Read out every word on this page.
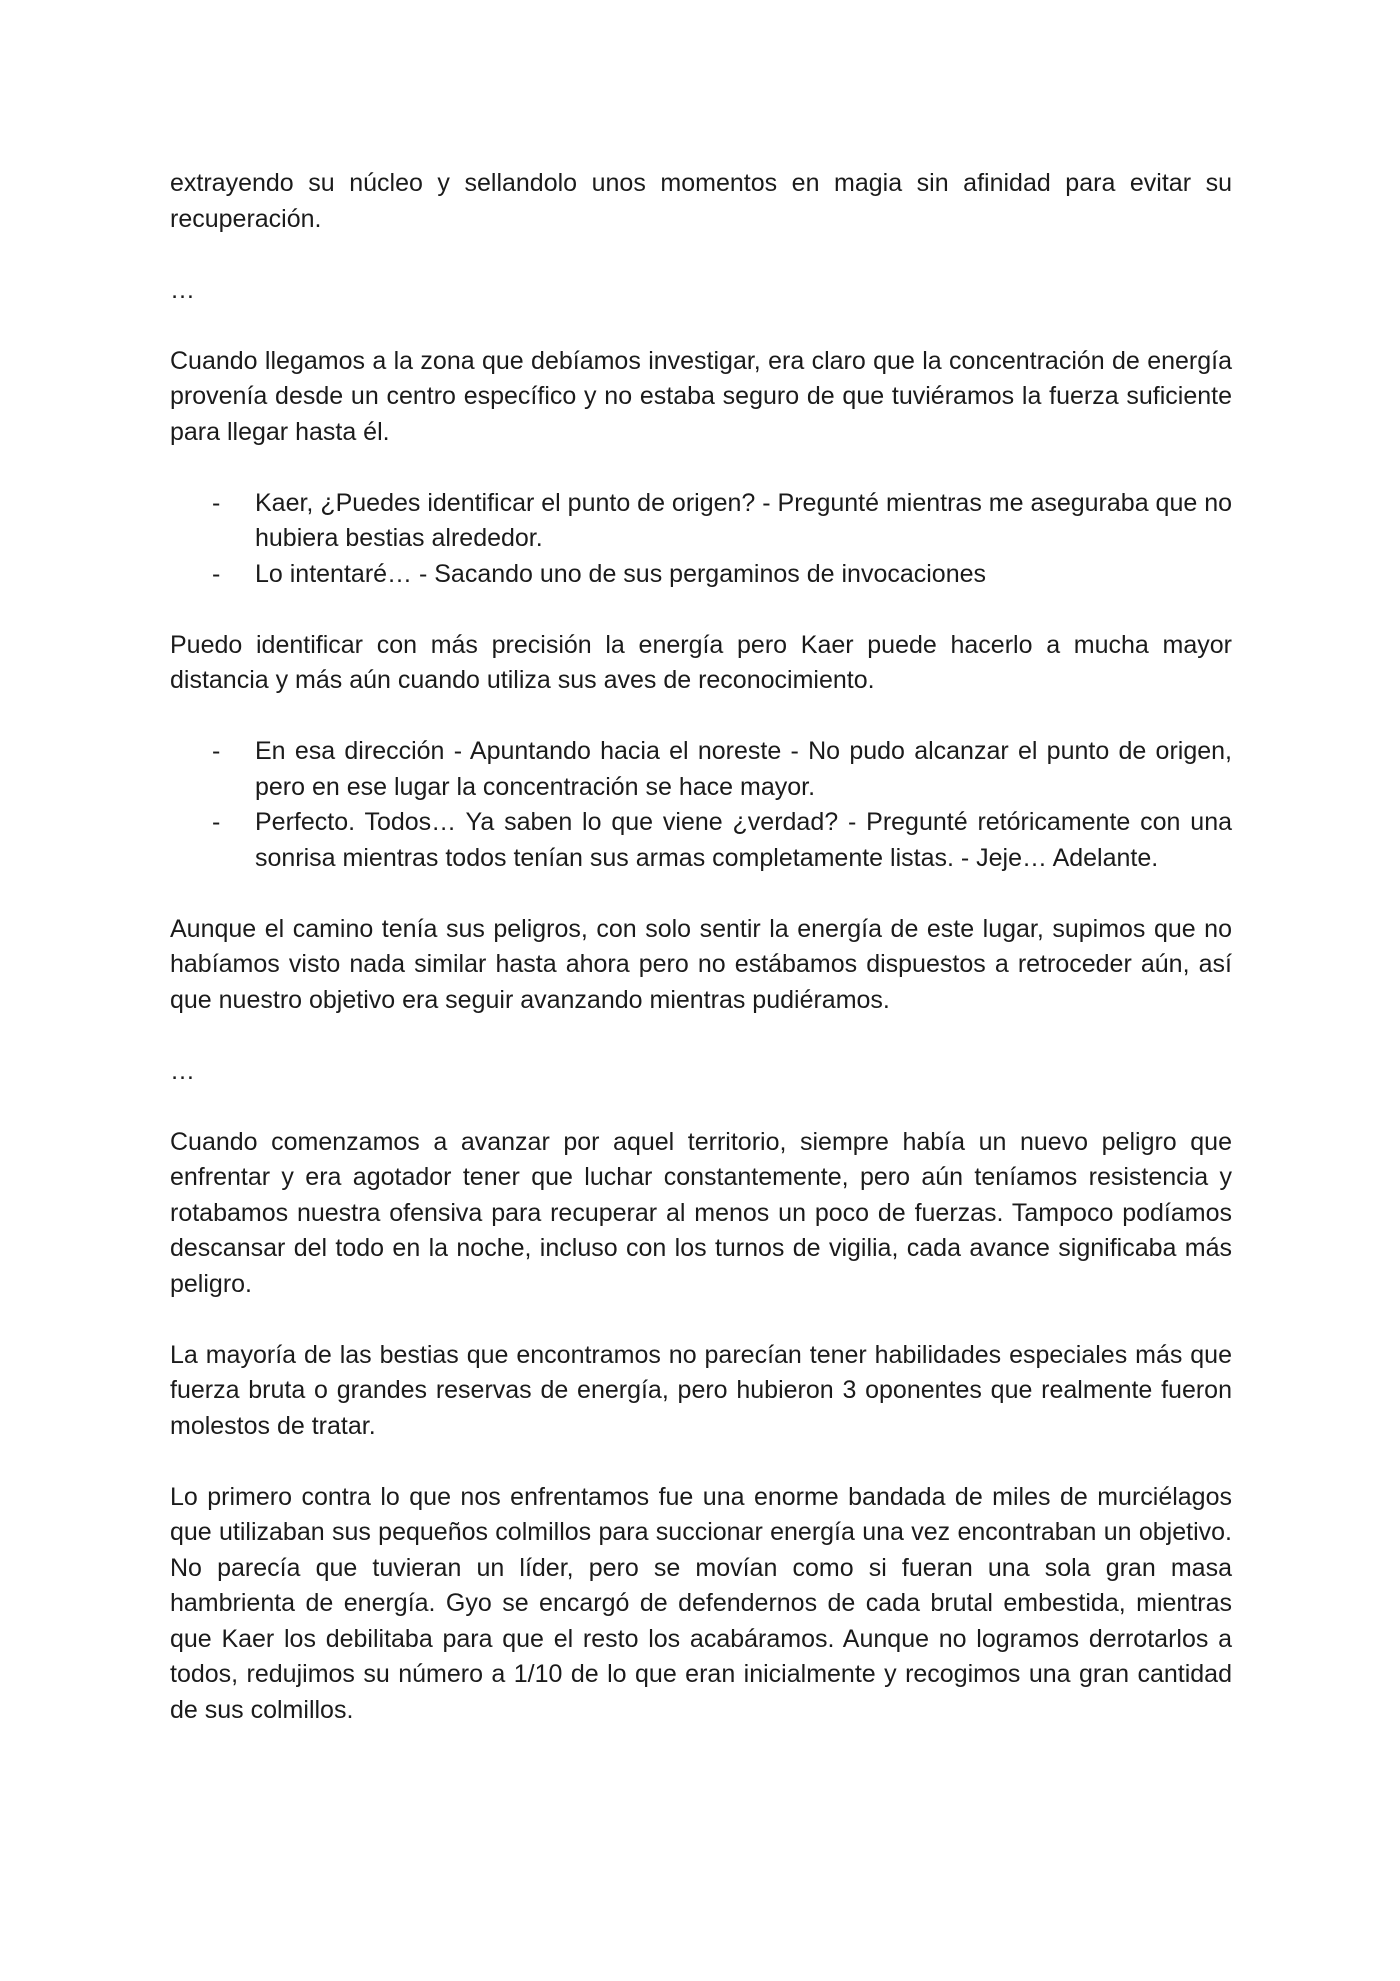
extrayendo su núcleo y sellandolo unos momentos en magia sin afinidad para evitar su recuperación.

…

Cuando llegamos a la zona que debíamos investigar, era claro que la concentración de energía provenía desde un centro específico y no estaba seguro de que tuviéramos la fuerza suficiente para llegar hasta él.

- Kaer, ¿Puedes identificar el punto de origen? - Pregunté mientras me aseguraba que no hubiera bestias alrededor.
- Lo intentaré… - Sacando uno de sus pergaminos de invocaciones

Puedo identificar con más precisión la energía pero Kaer puede hacerlo a mucha mayor distancia y más aún cuando utiliza sus aves de reconocimiento.

- En esa dirección - Apuntando hacia el noreste - No pudo alcanzar el punto de origen, pero en ese lugar la concentración se hace mayor.
- Perfecto. Todos… Ya saben lo que viene ¿verdad? - Pregunté retóricamente con una sonrisa mientras todos tenían sus armas completamente listas. - Jeje… Adelante.

Aunque el camino tenía sus peligros, con solo sentir la energía de este lugar, supimos que no habíamos visto nada similar hasta ahora pero no estábamos dispuestos a retroceder aún, así que nuestro objetivo era seguir avanzando mientras pudiéramos.

…

Cuando comenzamos a avanzar por aquel territorio, siempre había un nuevo peligro que enfrentar y era agotador tener que luchar constantemente, pero aún teníamos resistencia y rotabamos nuestra ofensiva para recuperar al menos un poco de fuerzas. Tampoco podíamos descansar del todo en la noche, incluso con los turnos de vigilia, cada avance significaba más peligro.

La mayoría de las bestias que encontramos no parecían tener habilidades especiales más que fuerza bruta o grandes reservas de energía, pero hubieron 3 oponentes que realmente fueron molestos de tratar.

Lo primero contra lo que nos enfrentamos fue una enorme bandada de miles de murciélagos que utilizaban sus pequeños colmillos para succionar energía una vez encontraban un objetivo. No parecía que tuvieran un líder, pero se movían como si fueran una sola gran masa hambrienta de energía. Gyo se encargó de defendernos de cada brutal embestida, mientras que Kaer los debilitaba para que el resto los acabáramos. Aunque no logramos derrotarlos a todos, redujimos su número a 1/10 de lo que eran inicialmente y recogimos una gran cantidad de sus colmillos.
